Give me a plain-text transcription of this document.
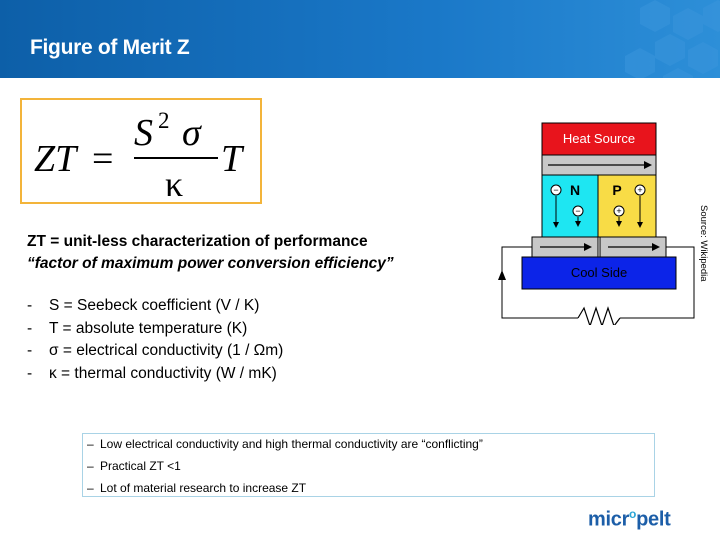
Figure of Merit Z
ZT =
S 2 σ
κ
T
ZT = unit-less characterization of performance
“factor of maximum power conversion efficiency”
-	S = Seebeck coefficient (V / K)
-	T = absolute temperature (K)
-	σ = electrical conductivity (1 / Ωm)
-	κ = thermal conductivity (W / mK)
Heat Source
N
−
−
P +
+
Cool Side	Source: Wikipedia
– Low electrical conductivity and high thermal conductivity are “conflicting”
– Practical ZT <1
– Lot of material research to increase ZT
micr$^o$pelt
